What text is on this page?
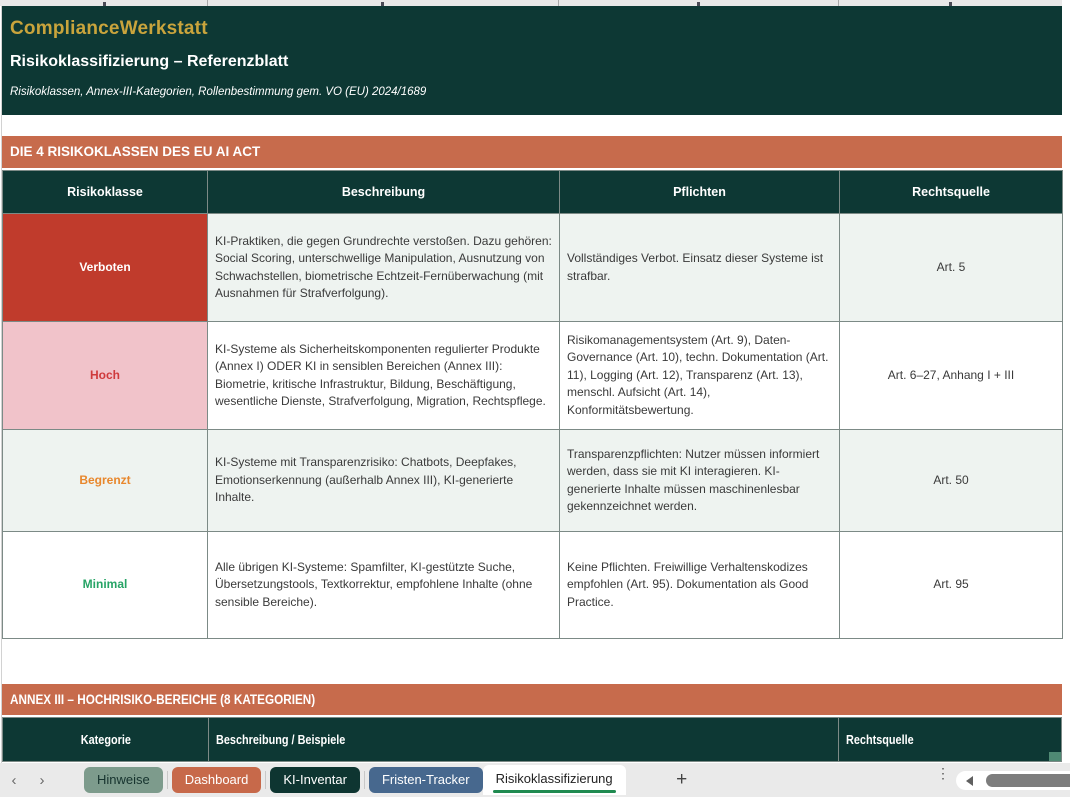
ComplianceWerkstatt
Risikoklassifizierung – Referenzblatt
Risikoklassen, Annex-III-Kategorien, Rollenbestimmung gem. VO (EU) 2024/1689
DIE 4 RISIKOKLASSEN DES EU AI ACT
Risikoklasse	Beschreibung	Pflichten	Rechtsquelle
Verboten	KI-Praktiken, die gegen Grundrechte verstoßen. Dazu gehören: Social Scoring, unterschwellige Manipulation, Ausnutzung von Schwachstellen, biometrische Echtzeit-Fernüberwachung (mit Ausnahmen für Strafverfolgung).	Vollständiges Verbot. Einsatz dieser Systeme ist strafbar.	Art. 5
Hoch	KI-Systeme als Sicherheitskomponenten regulierter Produkte (Annex I) ODER KI in sensiblen Bereichen (Annex III): Biometrie, kritische Infrastruktur, Bildung, Beschäftigung, wesentliche Dienste, Strafverfolgung, Migration, Rechtspflege.	Risikomanagementsystem (Art. 9), Daten-Governance (Art. 10), techn. Dokumentation (Art. 11), Logging (Art. 12), Transparenz (Art. 13), menschl. Aufsicht (Art. 14), Konformitätsbewertung.	Art. 6–27, Anhang I + III
Begrenzt	KI-Systeme mit Transparenzrisiko: Chatbots, Deepfakes, Emotionserkennung (außerhalb Annex III), KI-generierte Inhalte.	Transparenzpflichten: Nutzer müssen informiert werden, dass sie mit KI interagieren. KI-generierte Inhalte müssen maschinenlesbar gekennzeichnet werden.	Art. 50
Minimal	Alle übrigen KI-Systeme: Spamfilter, KI-gestützte Suche, Übersetzungstools, Textkorrektur, empfohlene Inhalte (ohne sensible Bereiche).	Keine Pflichten. Freiwillige Verhaltenskodizes empfohlen (Art. 95). Dokumentation als Good Practice.	Art. 95
ANNEX III – HOCHRISIKO-BEREICHE (8 KATEGORIEN)
Kategorie	Beschreibung / Beispiele	Rechtsquelle
‹	›	Hinweise	Dashboard	KI-Inventar	Fristen-Tracker	Risikoklassifizierung	+	⋮
